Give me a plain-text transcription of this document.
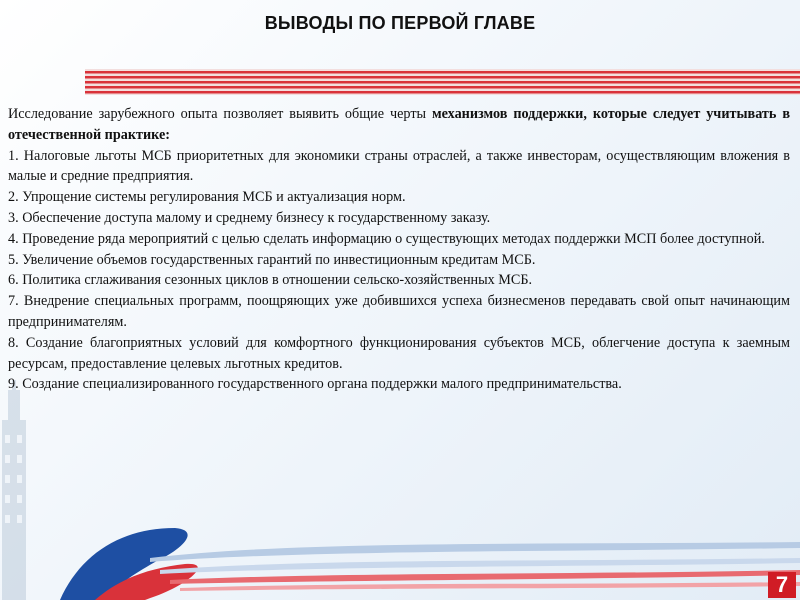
ВЫВОДЫ ПО ПЕРВОЙ ГЛАВЕ

Исследование зарубежного опыта позволяет выявить общие черты механизмов поддержки, которые следует учитывать в отечественной практике:

1. Налоговые льготы МСБ приоритетных для экономики страны отраслей, а также инвесторам, осуществляющим вложения в малые и средние предприятия.

2. Упрощение системы регулирования МСБ и актуализация норм.

3. Обеспечение доступа малому и среднему бизнесу к государственному заказу.

4. Проведение ряда мероприятий с целью сделать информацию о существующих методах поддержки МСП более доступной.

5. Увеличение объемов государственных гарантий по инвестиционным кредитам МСБ.

6. Политика сглаживания сезонных циклов в отношении сельско-хозяйственных МСБ.

7. Внедрение специальных программ, поощряющих уже добившихся успеха бизнесменов передавать свой опыт начинающим предпринимателям.

8. Создание благоприятных условий для комфортного функционирования субъектов МСБ, облегчение доступа к заемным ресурсам, предоставление целевых льготных кредитов.

9. Создание специализированного государственного органа поддержки малого предпринимательства.

7
